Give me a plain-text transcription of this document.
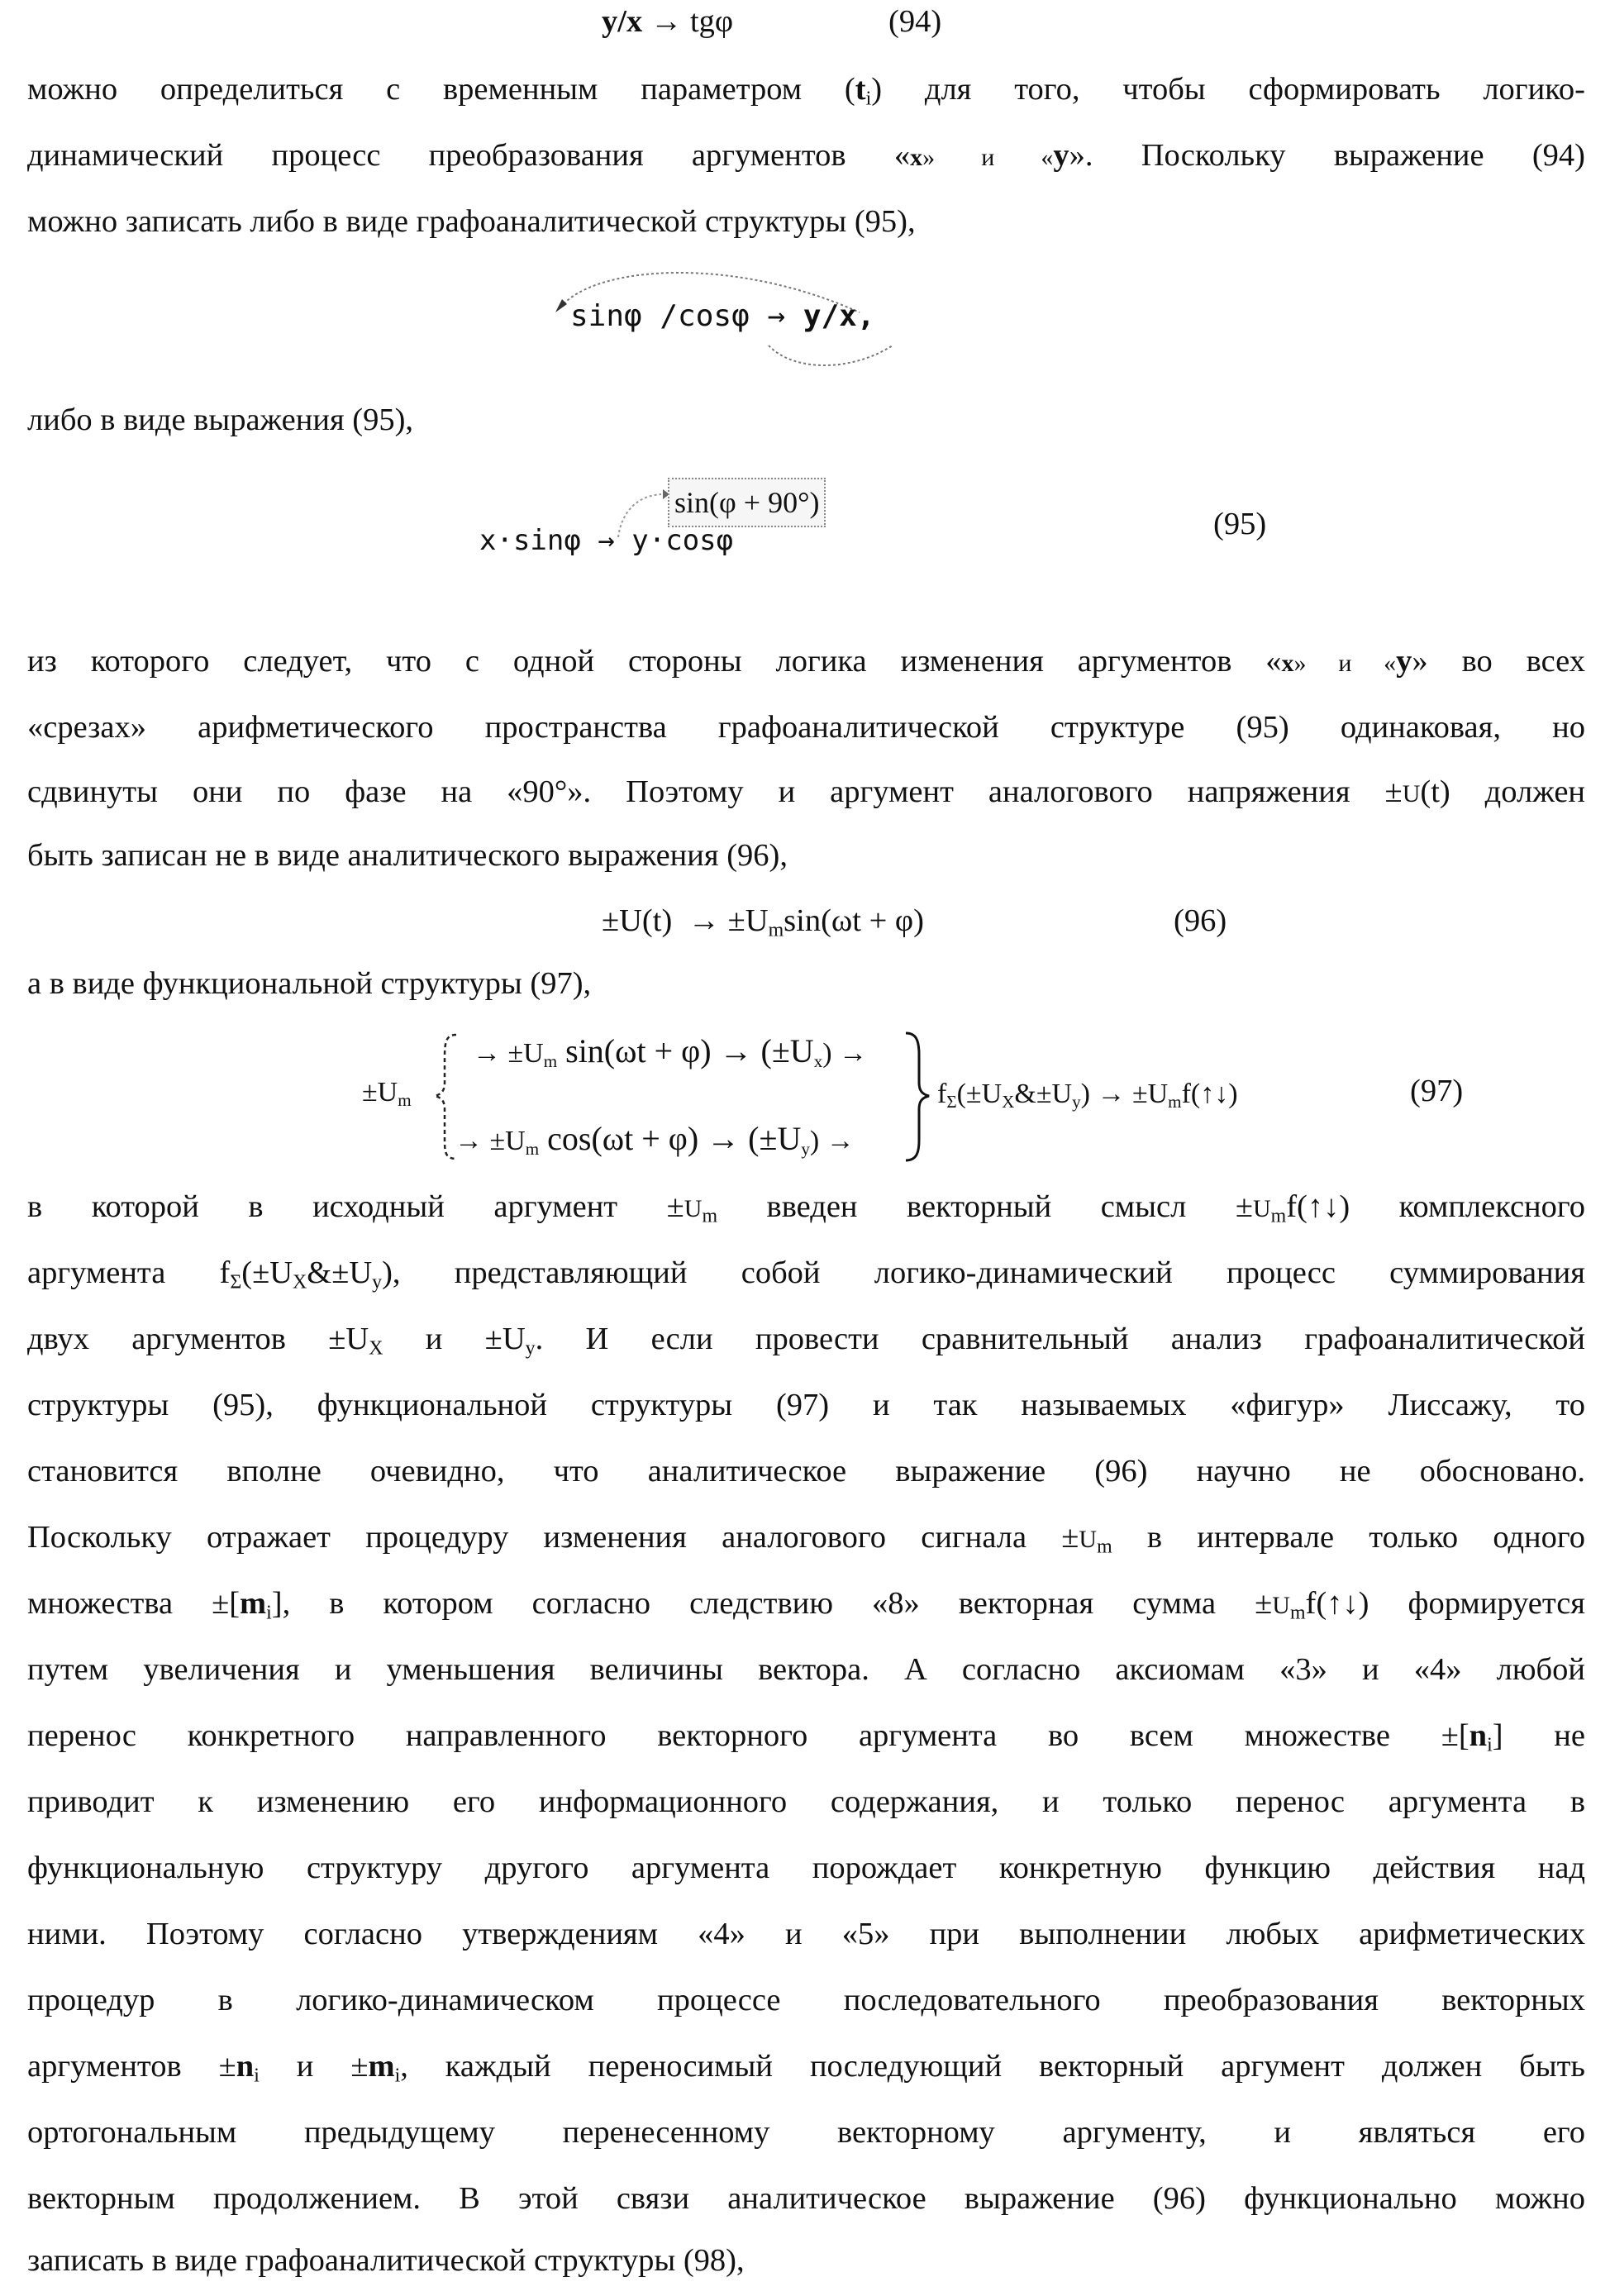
y/x → tgφ	(94)
можно определиться с временным параметром (ti) для того, чтобы сформировать логико-
динамический процесс преобразования аргументов «x» и «y». Поскольку выражение (94)
можно записать либо в виде графоаналитической структуры (95),
sinφ /cosφ → y/x,
либо в виде выражения (95),
x·sinφ → y·cosφ
sin(φ + 90°)
(95)
из которого следует, что с одной стороны логика изменения аргументов «x» и «y» во всех
«срезах» арифметического пространства графоаналитической структуре (95) одинаковая, но
сдвинуты они по фазе на «90°». Поэтому и аргумент аналогового напряжения ±U(t) должен
быть записан не в виде аналитического выражения (96),
±U(t) → ±Umsin(ωt + φ)	(96)
а в виде функциональной структуры (97),
±Um
→ ±Um sin(ωt + φ) → (±Ux) →
→ ±Um cos(ωt + φ) → (±Uy) →
fΣ(±UX&±Uy) → ±Umf(↑↓)	(97)
в которой в исходный аргумент ±Um введен векторный смысл ±Umf(↑↓) комплексного
аргумента fΣ(±UX&±Uy), представляющий собой логико-динамический процесс суммирования
двух аргументов ±UX и ±Uy. И если провести сравнительный анализ графоаналитической
структуры (95), функциональной структуры (97) и так называемых «фигур» Лиссажу, то
становится вполне очевидно, что аналитическое выражение (96) научно не обосновано.
Поскольку отражает процедуру изменения аналогового сигнала ±Um в интервале только одного
множества ±[mi], в котором согласно следствию «8» векторная сумма ±Umf(↑↓) формируется
путем увеличения и уменьшения величины вектора. А согласно аксиомам «3» и «4» любой
перенос конкретного направленного векторного аргумента во всем множестве ±[ni] не
приводит к изменению его информационного содержания, и только перенос аргумента в
функциональную структуру другого аргумента порождает конкретную функцию действия над
ними. Поэтому согласно утверждениям «4» и «5» при выполнении любых арифметических
процедур в логико-динамическом процессе последовательного преобразования векторных
аргументов ±ni и ±mi, каждый переносимый последующий векторный аргумент должен быть
ортогональным предыдущему перенесенному векторному аргументу, и являться его
векторным продолжением. В этой связи аналитическое выражение (96) функционально можно
записать в виде графоаналитической структуры (98),
